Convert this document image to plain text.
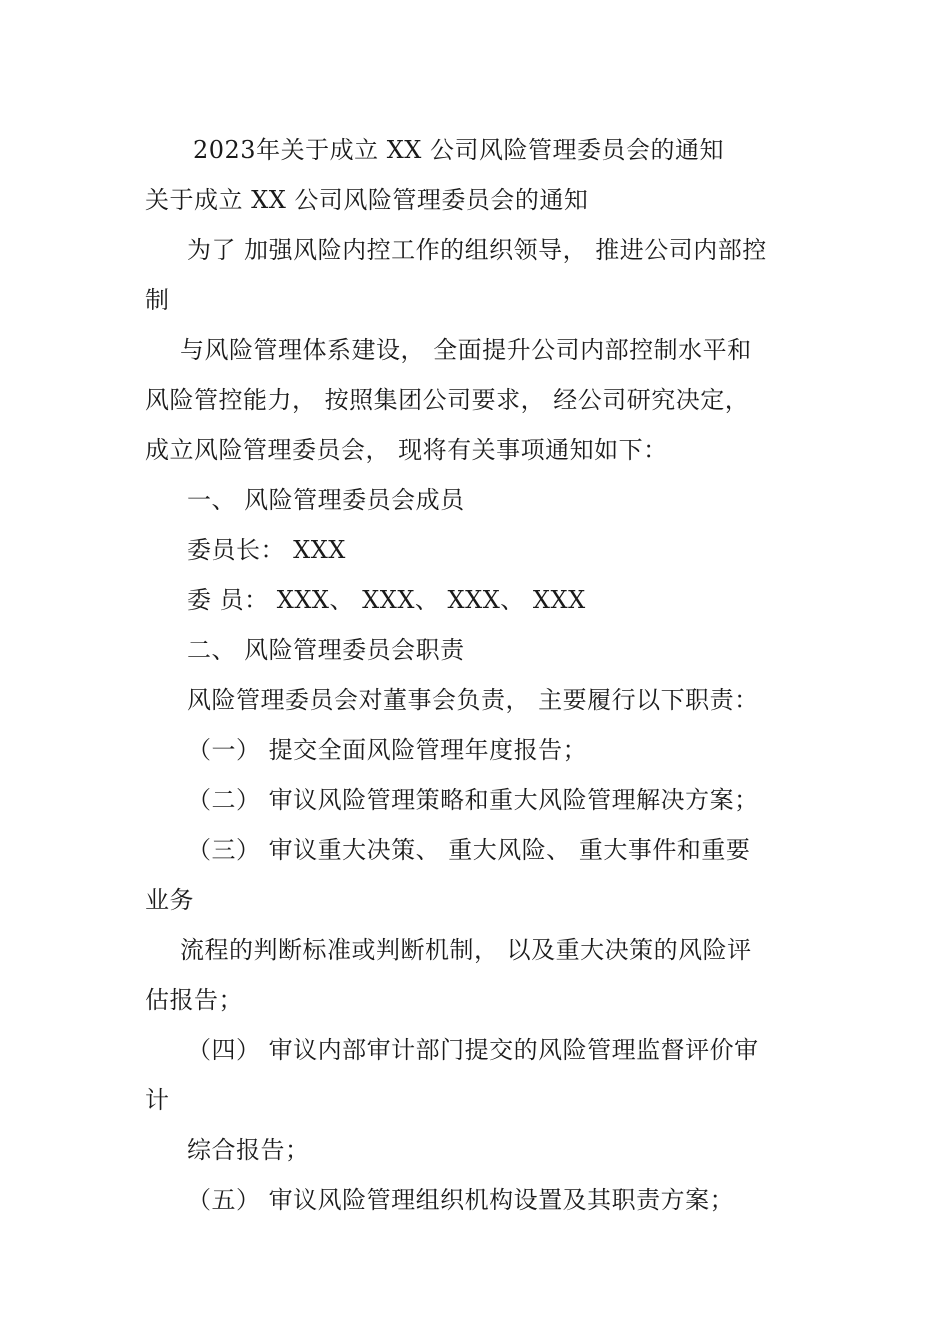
2023年关于成立 XX 公司风险管理委员会的通知
关于成立 XX 公司风险管理委员会的通知
为了 加强风险内控工作的组织领导， 推进公司内部控
制
与风险管理体系建设， 全面提升公司内部控制水平和
风险管控能力， 按照集团公司要求， 经公司研究决定，
成立风险管理委员会， 现将有关事项通知如下：
一、 风险管理委员会成员
委员长： XXX
委 员： XXX、 XXX、 XXX、 XXX
二、 风险管理委员会职责
风险管理委员会对董事会负责， 主要履行以下职责：
（一） 提交全面风险管理年度报告；
（二） 审议风险管理策略和重大风险管理解决方案；
（三） 审议重大决策、 重大风险、 重大事件和重要
业务
流程的判断标准或判断机制， 以及重大决策的风险评
估报告；
（四） 审议内部审计部门提交的风险管理监督评价审
计
综合报告；
（五） 审议风险管理组织机构设置及其职责方案；
